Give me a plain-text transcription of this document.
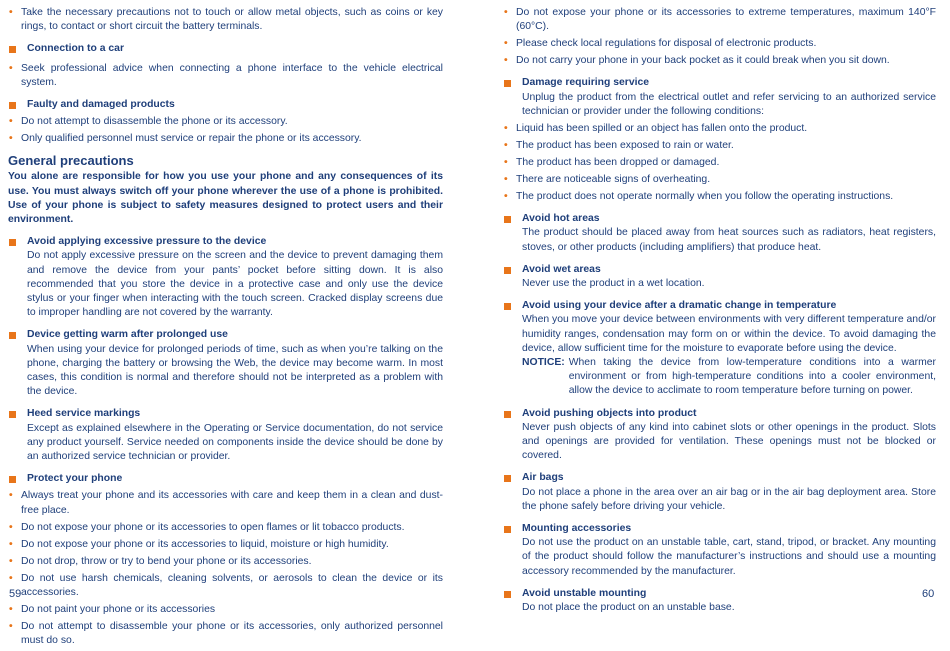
• Take the necessary precautions not to touch or allow metal objects, such as coins or key rings, to contact or short circuit the battery terminals.
Connection to a car
• Seek professional advice when connecting a phone interface to the vehicle electrical system.
Faulty and damaged products
• Do not attempt to disassemble the phone or its accessory.
• Only qualified personnel must service or repair the phone or its accessory.
General precautions

You alone are responsible for how you use your phone and any consequences of its use. You must always switch off your phone wherever the use of a phone is prohibited. Use of your phone is subject to safety measures designed to protect users and their environment.

Avoid applying excessive pressure to the device

Do not apply excessive pressure on the screen and the device to prevent damaging them and remove the device from your pants’ pocket before sitting down. It is also recommended that you store the device in a protective case and only use the device stylus or your finger when interacting with the touch screen. Cracked display screens due to improper handling are not covered by the warranty.

Device getting warm after prolonged use

When using your device for prolonged periods of time, such as when you’re talking on the phone, charging the battery or browsing the Web, the device may become warm. In most cases, this condition is normal and therefore should not be interpreted as a problem with the device.

Heed service markings

Except as explained elsewhere in the Operating or Service documentation, do not service any product yourself. Service needed on components inside the device should be done by an authorized service technician or provider.

Protect your phone
• Always treat your phone and its accessories with care and keep them in a clean and dust-free place.
• Do not expose your phone or its accessories to open flames or lit tobacco products.
• Do not expose your phone or its accessories to liquid, moisture or high humidity.
• Do not drop, throw or try to bend your phone or its accessories.
• Do not use harsh chemicals, cleaning solvents, or aerosols to clean the device or its accessories.
• Do not paint your phone or its accessories
• Do not attempt to disassemble your phone or its accessories, only authorized personnel must do so.
• Do not expose your phone or its accessories to extreme temperatures, maximum 140°F (60°C).
• Please check local regulations for disposal of electronic products.
• Do not carry your phone in your back pocket as it could break when you sit down.
Damage requiring service

Unplug the product from the electrical outlet and refer servicing to an authorized service technician or provider under the following conditions:

• Liquid has been spilled or an object has fallen onto the product.
• The product has been exposed to rain or water.
• The product has been dropped or damaged.
• There are noticeable signs of overheating.
• The product does not operate normally when you follow the operating instructions.
Avoid hot areas

The product should be placed away from heat sources such as radiators, heat registers, stoves, or other products (including amplifiers) that produce heat.

Avoid wet areas

Never use the product in a wet location.

Avoid using your device after a dramatic change in temperature

When you move your device between environments with very different temperature and/or humidity ranges, condensation may form on or within the device. To avoid damaging the device, allow sufficient time for the moisture to evaporate before using the device.

NOTICE: When taking the device from low-temperature conditions into a warmer environment or from high-temperature conditions into a cooler environment, allow the device to acclimate to room temperature before turning on power.
Avoid pushing objects into product

Never push objects of any kind into cabinet slots or other openings in the product. Slots and openings are provided for ventilation. These openings must not be blocked or covered.

Air bags

Do not place a phone in the area over an air bag or in the air bag deployment area. Store the phone safely before driving your vehicle.

Mounting accessories

Do not use the product on an unstable table, cart, stand, tripod, or bracket. Any mounting of the product should follow the manufacturer’s instructions and should use a mounting accessory recommended by the manufacturer.

Avoid unstable mounting

Do not place the product on an unstable base.

59	60
